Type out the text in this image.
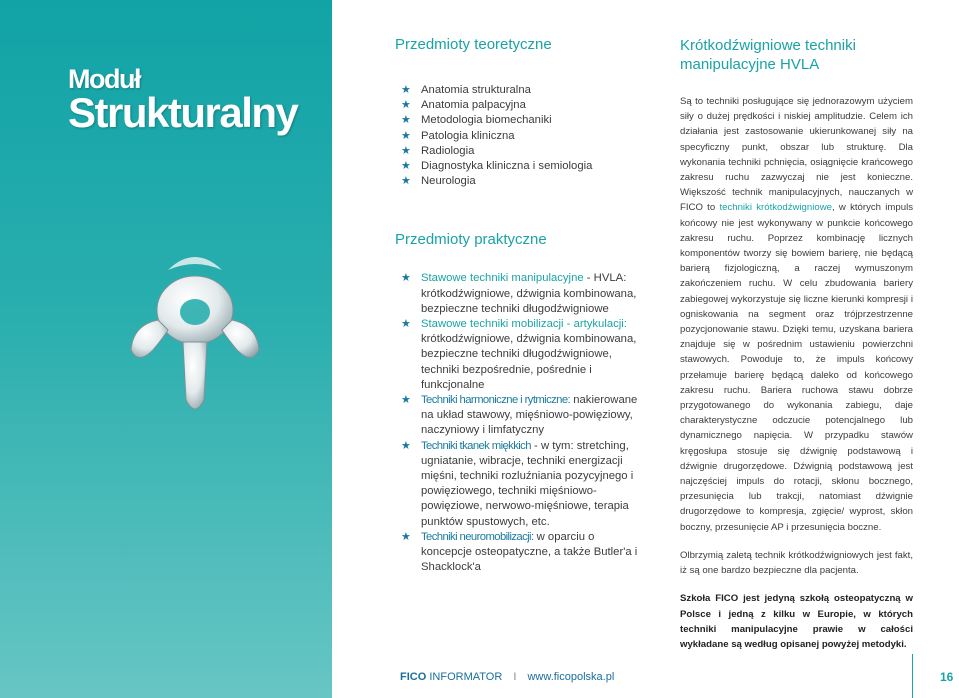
Moduł
Strukturalny
Przedmioty teoretyczne
★ Anatomia strukturalna
★ Anatomia palpacyjna
★ Metodologia biomechaniki
★ Patologia kliniczna
★ Radiologia
★ Diagnostyka kliniczna i semiologia
★ Neurologia
Przedmioty praktyczne
★ Stawowe techniki manipulacyjne - HVLA: krótkodźwigniowe, dźwignia kombinowana, bezpieczne techniki długodźwigniowe
★ Stawowe techniki mobilizacji - artykulacji: krótkodźwigniowe, dźwignia kombinowana, bezpieczne techniki długodźwigniowe, techniki bezpośrednie, pośrednie i funkcjonalne
★ Techniki harmoniczne i rytmiczne: nakierowane na układ stawowy, mięśniowo-powięziowy, naczyniowy i limfatyczny
★ Techniki tkanek miękkich - w tym: stretching, ugniatanie, wibracje, techniki energizacji mięśni, techniki rozluźniania pozycyjnego i powięziowego, techniki mięśniowo-powięziowe, nerwowo-mięśniowe, terapia punktów spustowych, etc.
★ Techniki neuromobilizacji: w oparciu o koncepcje osteopatyczne, a także Butler'a i Shacklock'a
Krótkodźwigniowe techniki manipulacyjne HVLA

Są to techniki posługujące się jednorazowym użyciem siły o dużej prędkości i niskiej amplitudzie. Celem ich działania jest zastosowanie ukierunkowanej siły na specyficzny punkt, obszar lub strukturę. Dla wykonania techniki pchnięcia, osiągnięcie krańcowego zakresu ruchu zazwyczaj nie jest konieczne. Większość technik manipulacyjnych, nauczanych w FICO to techniki krótkodźwigniowe, w których impuls końcowy nie jest wykonywany w punkcie końcowego zakresu ruchu. Poprzez kombinację licznych komponentów tworzy się bowiem barierę, nie będącą barierą fizjologiczną, a raczej wymuszonym zakończeniem ruchu. W celu zbudowania bariery zabiegowej wykorzystuje się liczne kierunki kompresji i ogniskowania na segment oraz trójprzestrzenne pozycjonowanie stawu. Dzięki temu, uzyskana bariera znajduje się w pośrednim ustawieniu powierzchni stawowych. Powoduje to, że impuls końcowy przełamuje barierę będącą daleko od końcowego zakresu ruchu. Bariera ruchowa stawu dobrze przygotowanego do wykonania zabiegu, daje charakterystyczne odczucie potencjalnego lub dynamicznego napięcia. W przypadku stawów kręgosłupa stosuje się dźwignię podstawową i dźwignie drugorzędowe. Dźwignią podstawową jest najczęściej impuls do rotacji, skłonu bocznego, przesunięcia lub trakcji, natomiast dźwignie drugorzędowe to kompresja, zgięcie/ wyprost, skłon boczny, przesunięcie AP i przesunięcia boczne.

Olbrzymią zaletą technik krótkodźwigniowych jest fakt, iż są one bardzo bezpieczne dla pacjenta.

Szkoła FICO jest jedyną szkołą osteopatyczną w Polsce i jedną z kilku w Europie, w których techniki manipulacyjne prawie w całości wykładane są według opisanej powyżej metodyki.

FICO INFORMATOR I www.ficopolska.pl	16
